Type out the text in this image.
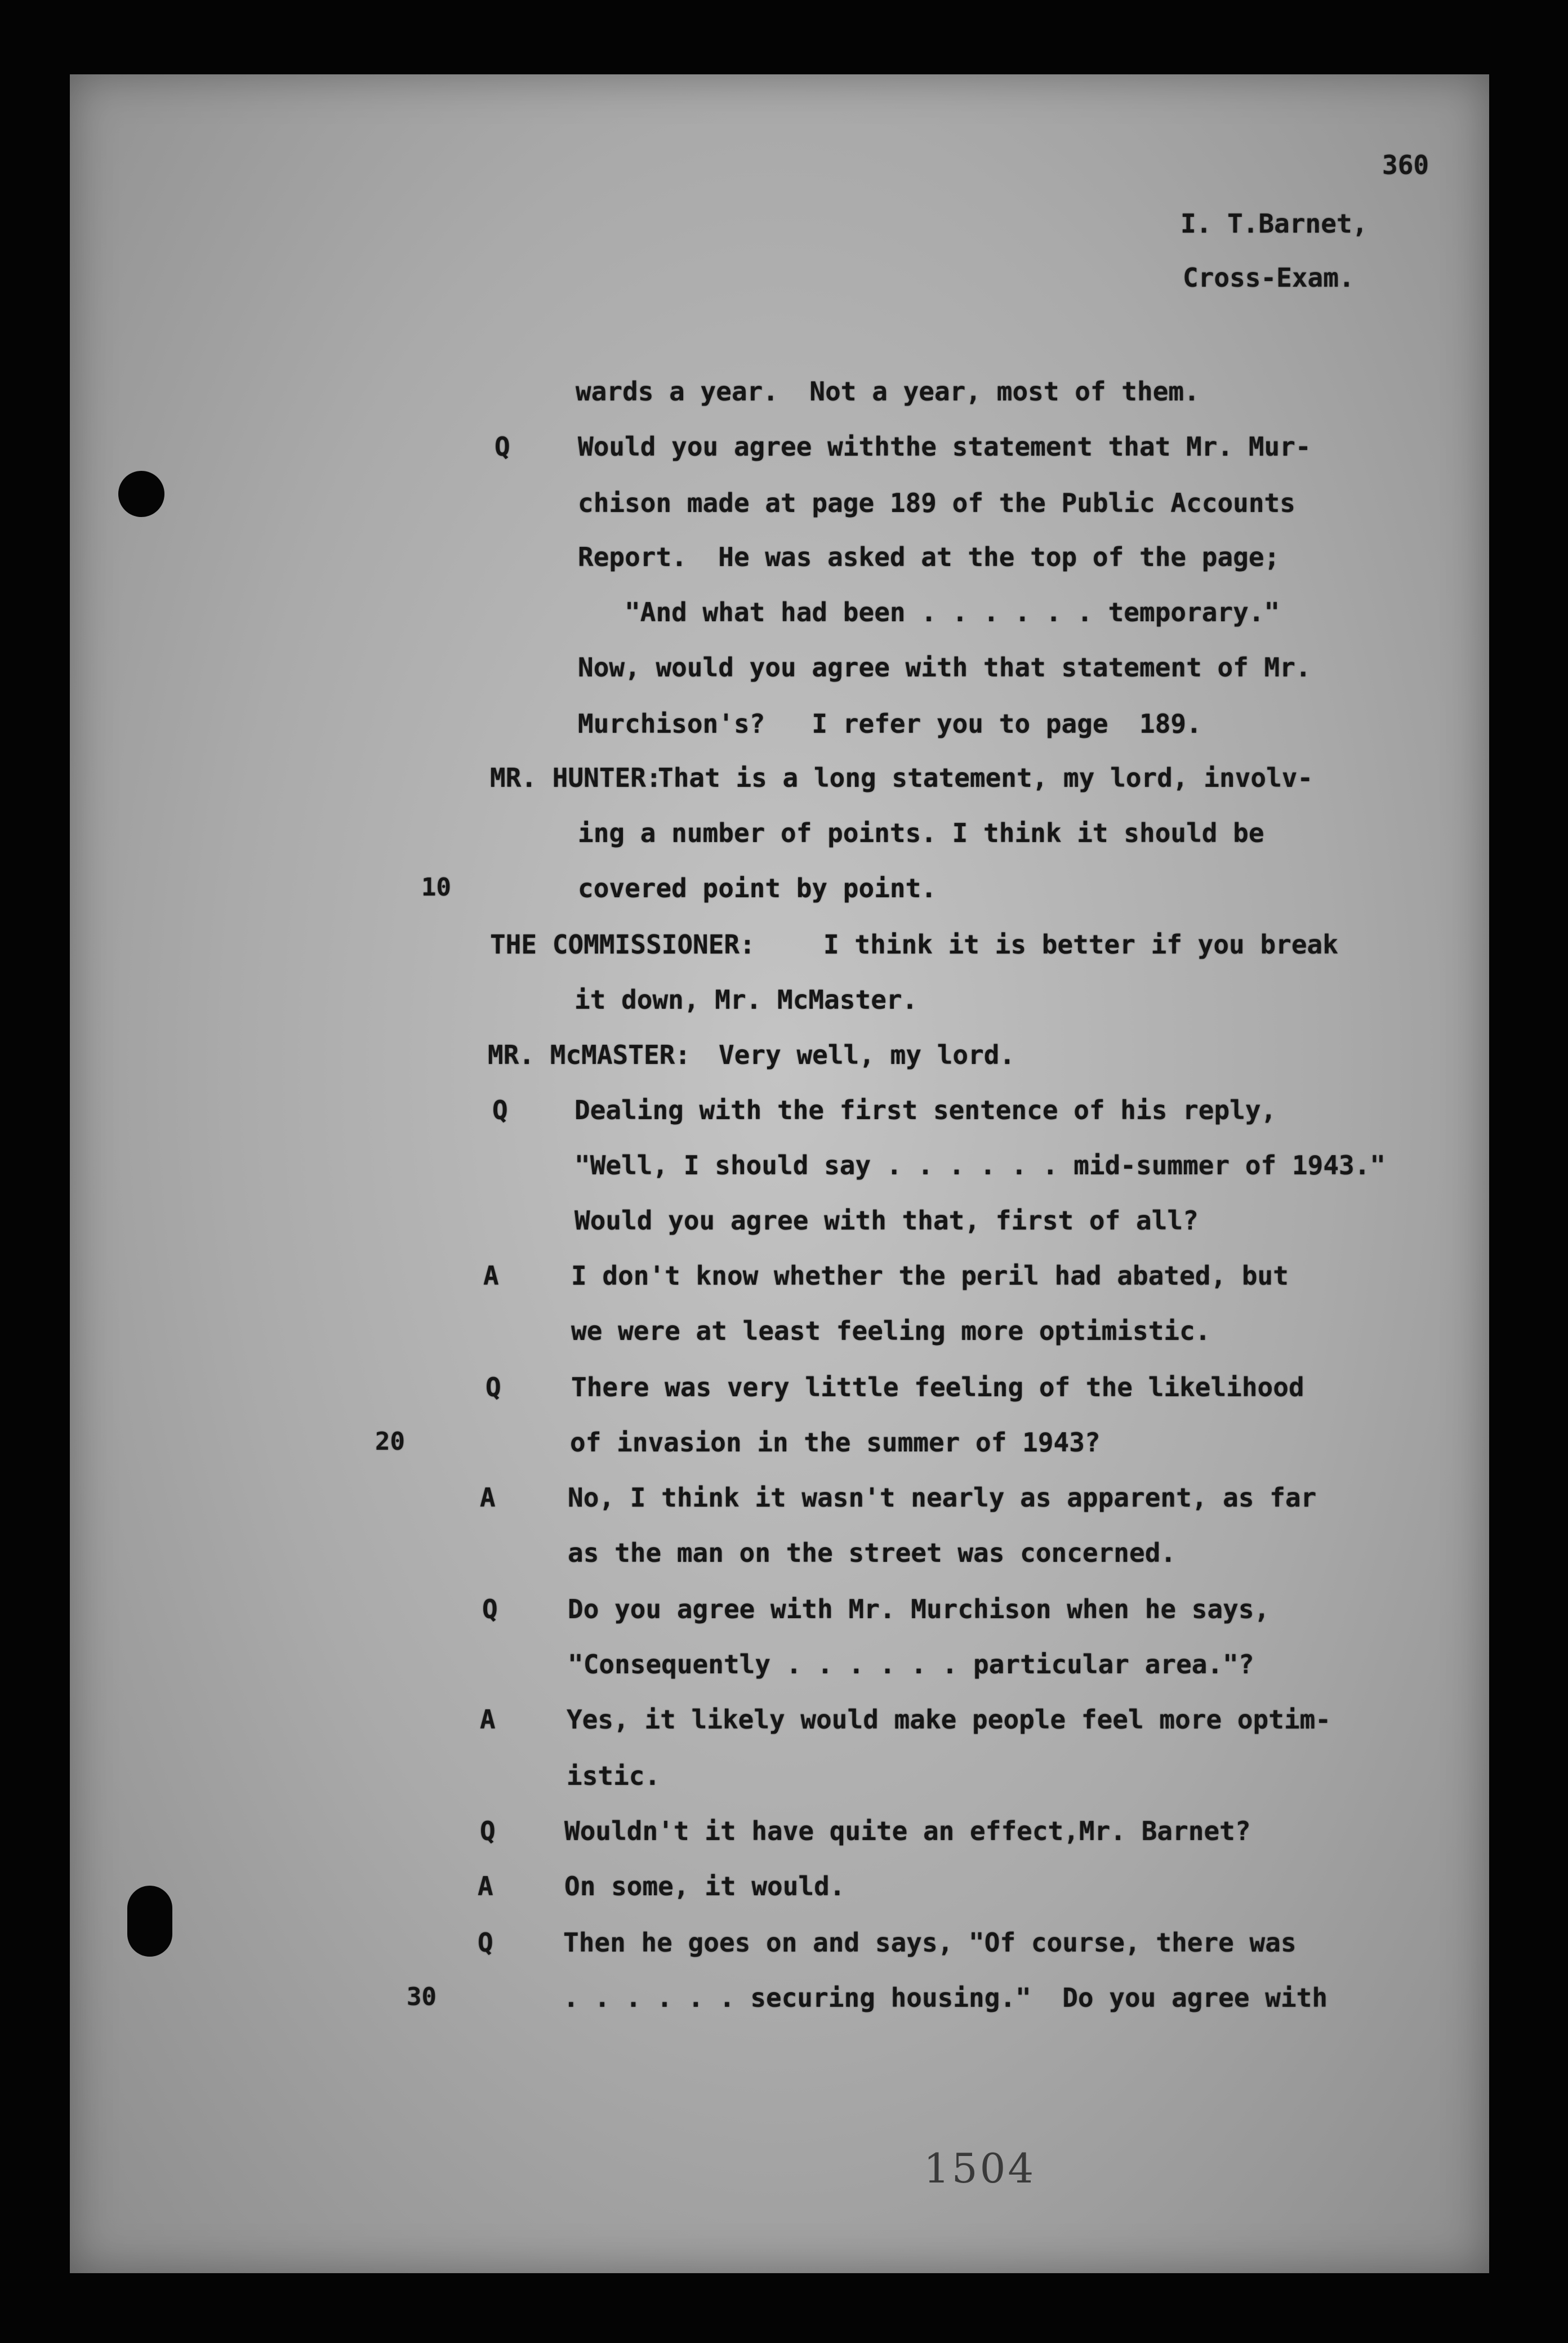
360
I. T.Barnet,
Cross-Exam.
wards a year.  Not a year, most of them.
Q	Would you agree withthe statement that Mr. Mur-
chison made at page 189 of the Public Accounts
Report.  He was asked at the top of the page;
"And what had been . . . . . . temporary."
Now, would you agree with that statement of Mr.
Murchison's?   I refer you to page  189.
MR. HUNTER:
That is a long statement, my lord, involv-
ing a number of points. I think it should be
10	covered point by point.
THE COMMISSIONER:	I think it is better if you break
it down, Mr. McMaster.
MR. McMASTER: Very well, my lord.
Q	Dealing with the first sentence of his reply,
"Well, I should say . . . . . . mid-summer of 1943."
Would you agree with that, first of all?
A	I don't know whether the peril had abated, but
we were at least feeling more optimistic.
Q	There was very little feeling of the likelihood
20	of invasion in the summer of 1943?
A	No, I think it wasn't nearly as apparent, as far
as the man on the street was concerned.
Q	Do you agree with Mr. Murchison when he says,
"Consequently . . . . . . particular area."?
A	Yes, it likely would make people feel more optim-
istic.
Q	Wouldn't it have quite an effect,Mr. Barnet?
A	On some, it would.
Q	Then he goes on and says, "Of course, there was
30	. . . . . . securing housing."  Do you agree with
1504
